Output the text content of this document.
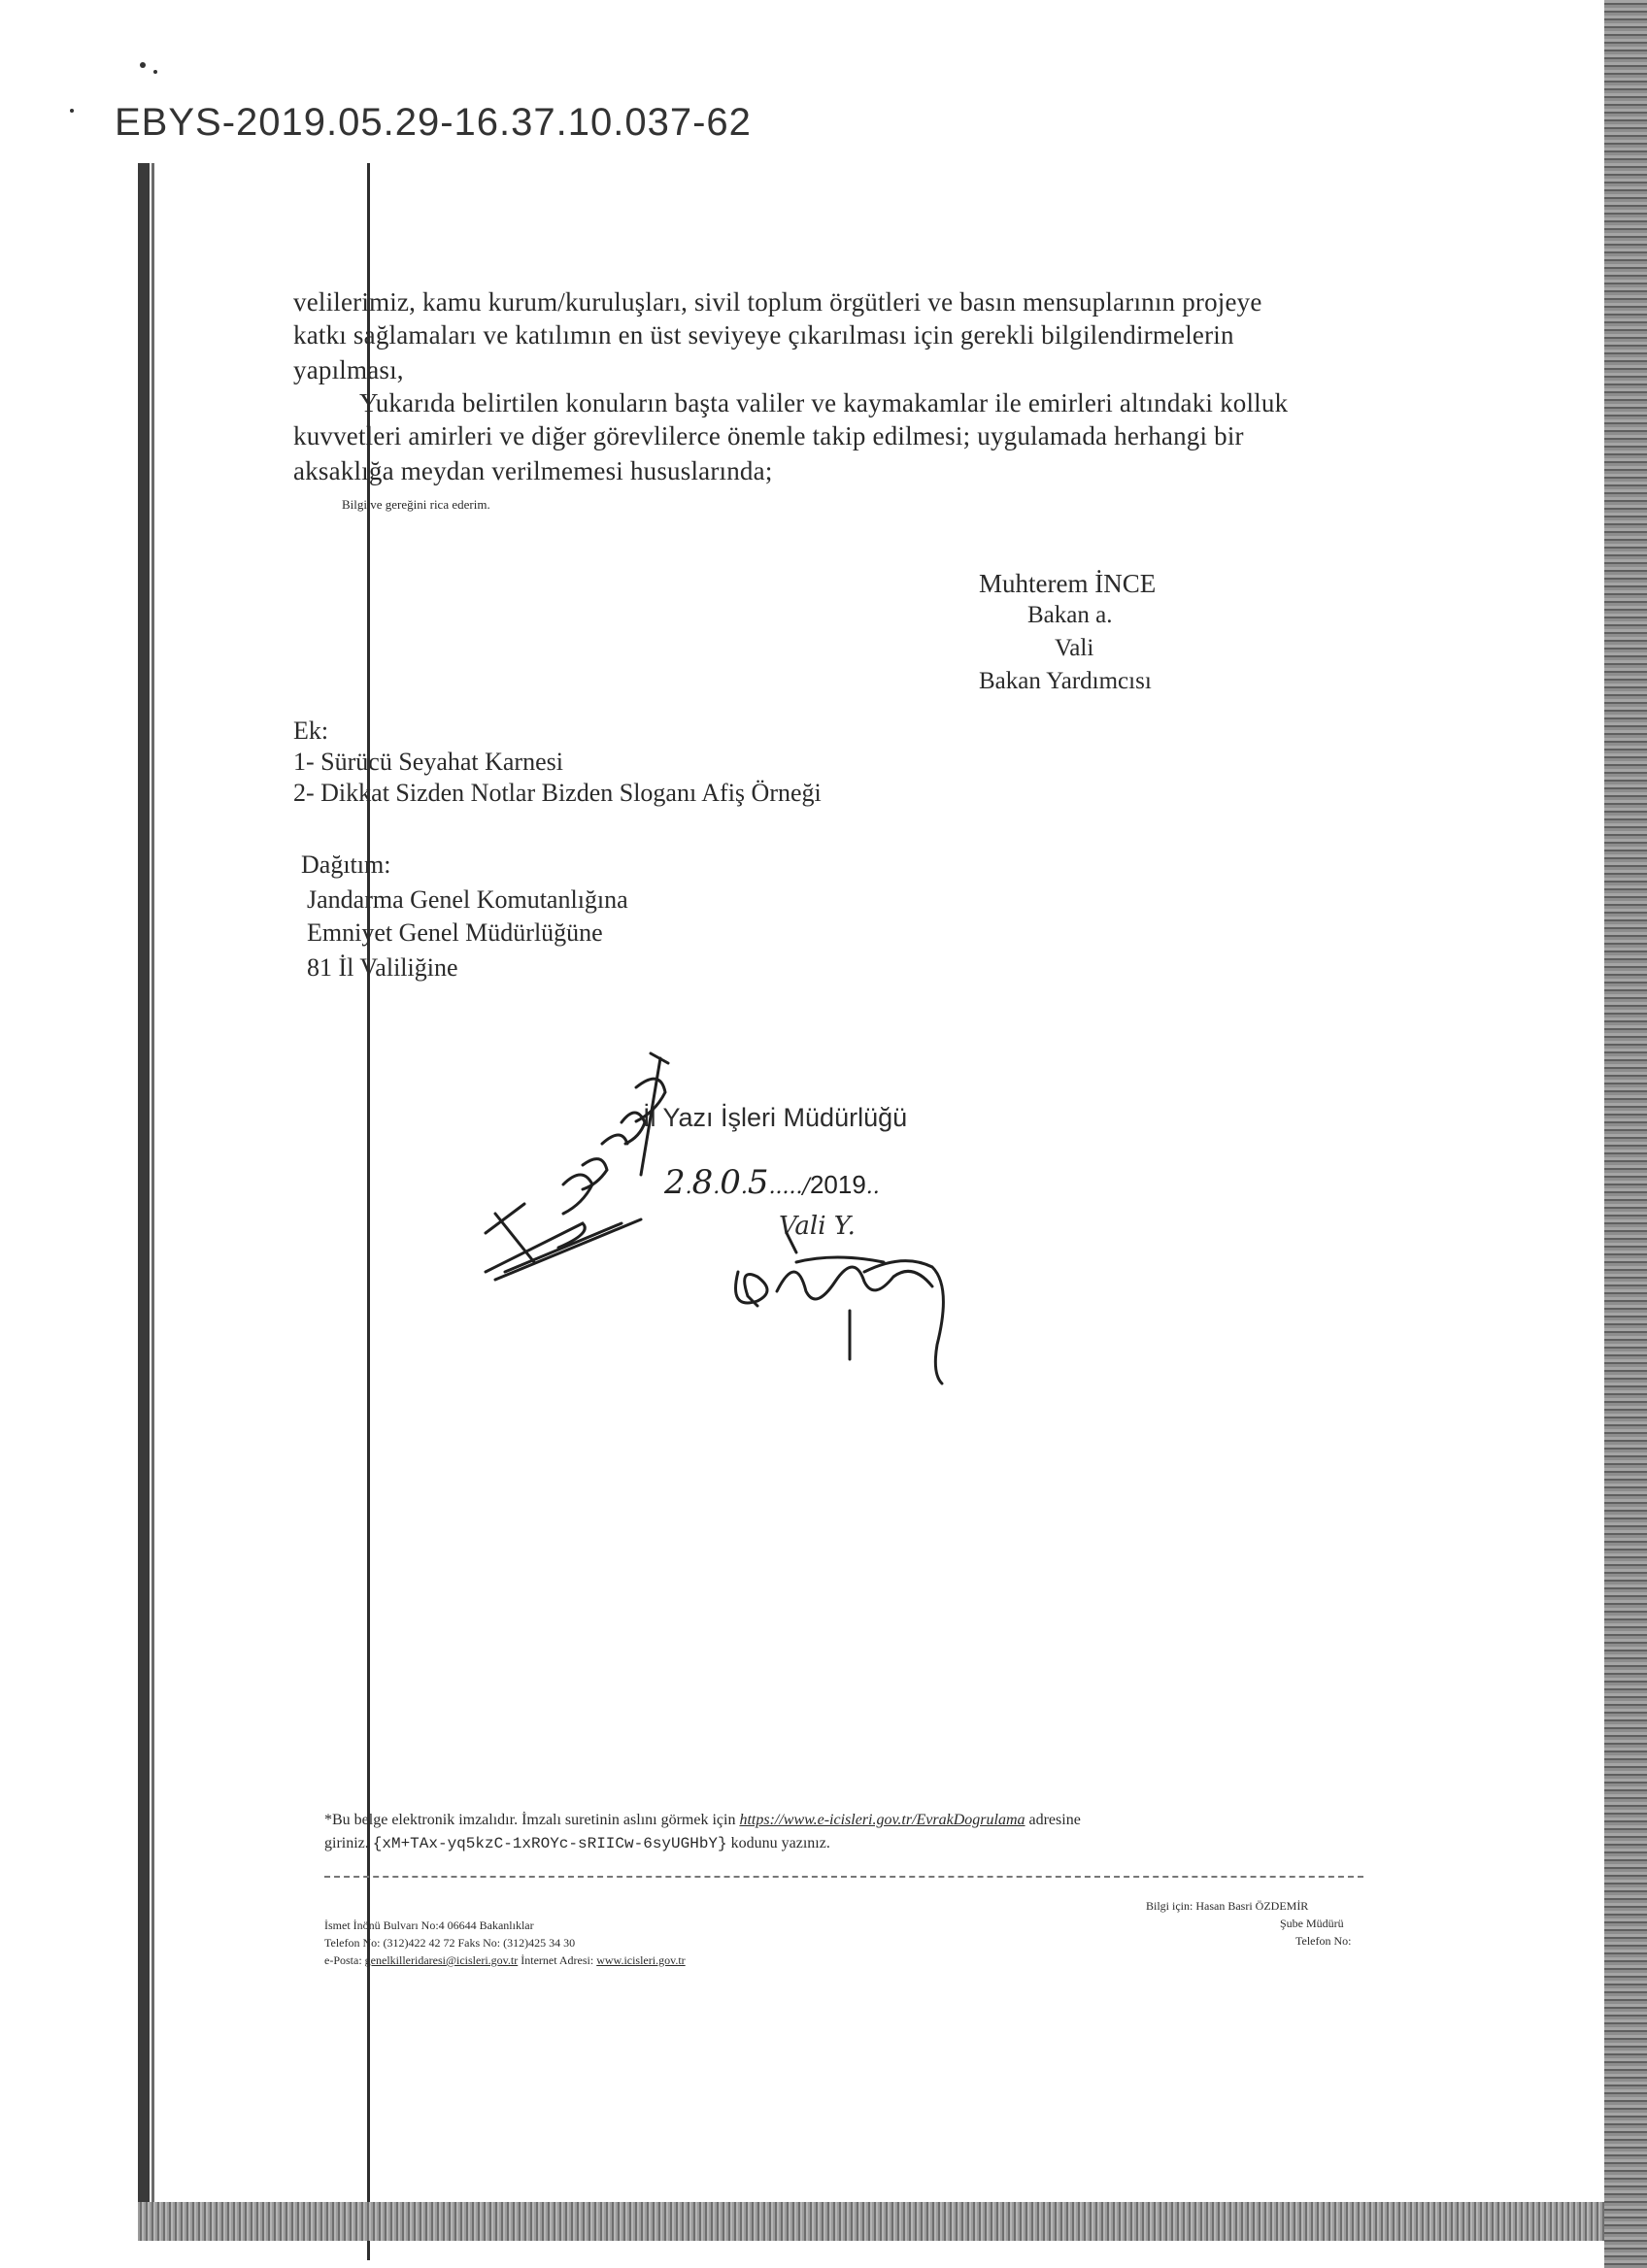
EBYS-2019.05.29-16.37.10.037-62
velilerimiz, kamu kurum/kuruluşları, sivil toplum örgütleri ve basın mensuplarının projeye
katkı sağlamaları ve katılımın en üst seviyeye çıkarılması için gerekli bilgilendirmelerin
yapılması,
Yukarıda belirtilen konuların başta valiler ve kaymakamlar ile emirleri altındaki kolluk
kuvvetleri amirleri ve diğer görevlilerce önemle takip edilmesi; uygulamada herhangi bir
aksaklığa meydan verilmemesi hususlarında;
Bilgi ve gereğini rica ederim.
Muhterem İNCE
Bakan a.
Vali
Bakan Yardımcısı
Ek:
1- Sürücü Seyahat Karnesi
2- Dikkat Sizden Notlar Bizden Sloganı Afiş Örneği
Dağıtım:
Jandarma Genel Komutanlığına
Emniyet Genel Müdürlüğüne
81 İl Valiliğine
İl Yazı İşleri Müdürlüğü
2.8.0.5...../2019..
Vali Y.
*Bu belge elektronik imzalıdır. İmzalı suretinin aslını görmek için https://www.e-icisleri.gov.tr/EvrakDogrulama adresine
giriniz. {xM+TAx-yq5kzC-1xROYc-sRIICw-6syUGHbY} kodunu yazınız.
İsmet İnönü Bulvarı No:4 06644 Bakanlıklar
Telefon No: (312)422 42 72 Faks No: (312)425 34 30
e-Posta: genelkilleridaresi@icisleri.gov.tr İnternet Adresi: www.icisleri.gov.tr
Bilgi için: Hasan Basri ÖZDEMİR
Şube Müdürü
Telefon No:
